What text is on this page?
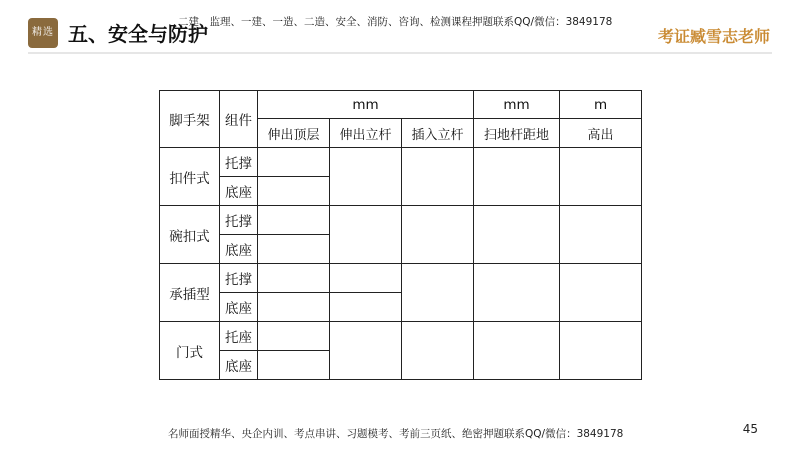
精选 五、安全与防护
二建、监理、一建、一造、二造、安全、消防、咨询、检测课程押题联系QQ/微信：3849178
考证臧雪志老师
脚手架	组件	mm			mm	m
		伸出顶层	伸出立杆	插入立杆	扫地杆距地	高出
扣件式	托撑					
	底座					
碗扣式	托撑					
	底座					
承插型	托撑					
	底座					
门式	托座					
	底座					
名师面授精华、央企内训、考点串讲、习题模考、考前三页纸、绝密押题联系QQ/微信：3849178	45
